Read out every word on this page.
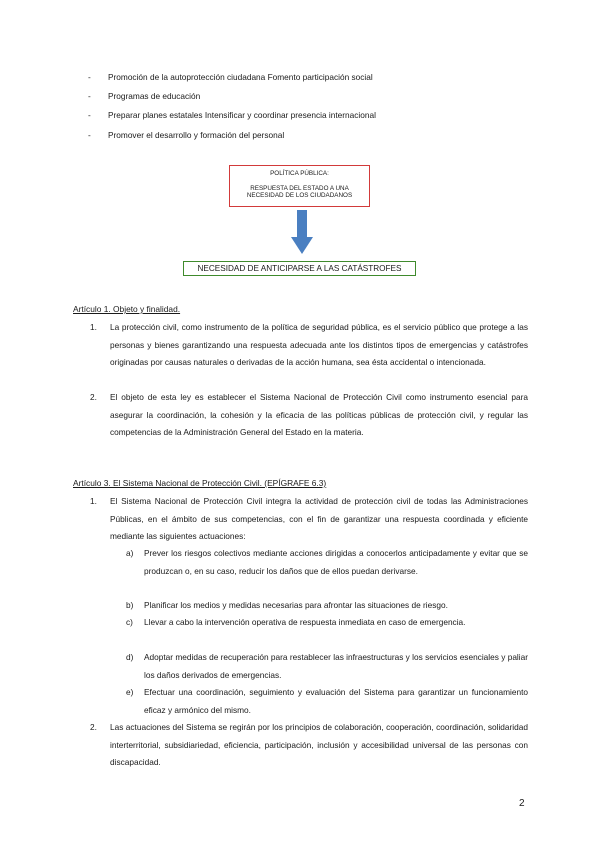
-	Promoción de la autoprotección ciudadana Fomento participación social
-	Programas de educación
-	Preparar planes estatales Intensificar y coordinar presencia internacional
-	Promover el desarrollo y formación del personal
POLÍTICA PÚBLICA:
RESPUESTA DEL ESTADO A UNA
NECESIDAD DE LOS CIUDADANOS
NECESIDAD DE ANTICIPARSE A LAS CATÁSTROFES
Artículo 1. Objeto y finalidad.
1.	La protección civil, como instrumento de la política de seguridad pública, es el servicio público que protege a las personas y bienes garantizando una respuesta adecuada ante los distintos tipos de emergencias y catástrofes originadas por causas naturales o derivadas de la acción humana, sea ésta accidental o intencionada.
2.	El objeto de esta ley es establecer el Sistema Nacional de Protección Civil como instrumento esencial para asegurar la coordinación, la cohesión y la eficacia de las políticas públicas de protección civil, y regular las competencias de la Administración General del Estado en la materia.
Artículo 3. El Sistema Nacional de Protección Civil. (EPÍGRAFE 6.3)
1.	El Sistema Nacional de Protección Civil integra la actividad de protección civil de todas las Administraciones Públicas, en el ámbito de sus competencias, con el fin de garantizar una respuesta coordinada y eficiente mediante las siguientes actuaciones:
a)	Prever los riesgos colectivos mediante acciones dirigidas a conocerlos anticipadamente y evitar que se produzcan o, en su caso, reducir los daños que de ellos puedan derivarse.
b)	Planificar los medios y medidas necesarias para afrontar las situaciones de riesgo.
c)	Llevar a cabo la intervención operativa de respuesta inmediata en caso de emergencia.
d)	Adoptar medidas de recuperación para restablecer las infraestructuras y los servicios esenciales y paliar los daños derivados de emergencias.
e)	Efectuar una coordinación, seguimiento y evaluación del Sistema para garantizar un funcionamiento eficaz y armónico del mismo.
2.	Las actuaciones del Sistema se regirán por los principios de colaboración, cooperación, coordinación, solidaridad interterritorial, subsidiariedad, eficiencia, participación, inclusión y accesibilidad universal de las personas con discapacidad.
2
